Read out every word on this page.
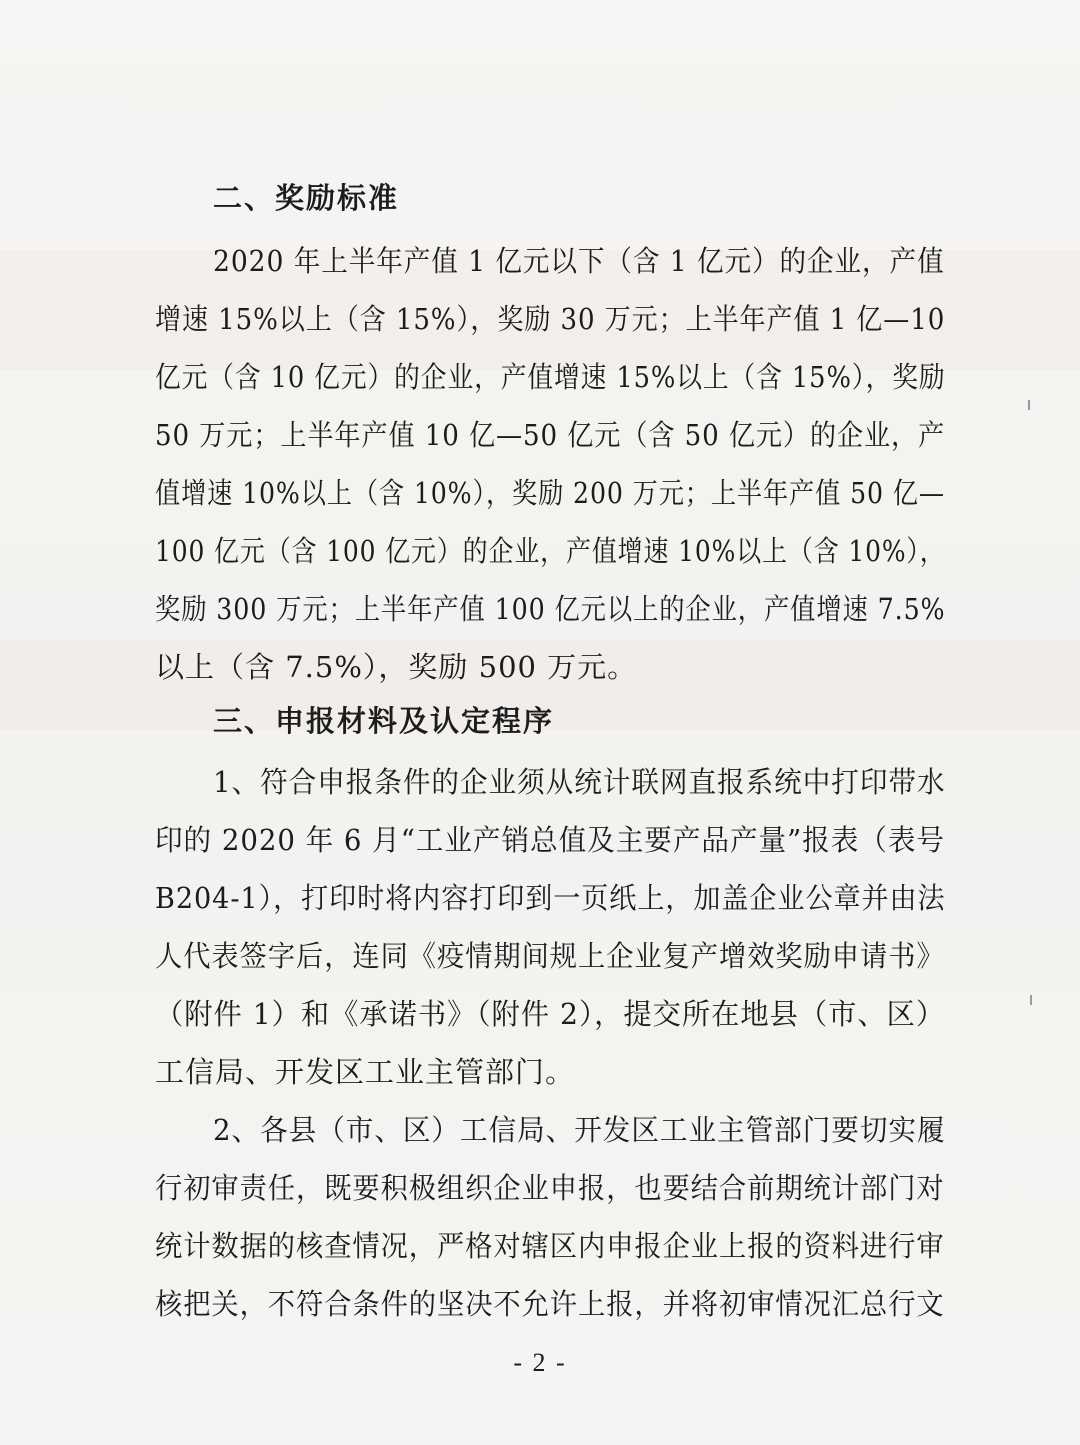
二、奖励标准
2020 年上半年产值 1 亿元以下（含 1 亿元）的企业，产值
增速 15%以上（含 15%），奖励 30 万元；上半年产值 1 亿—10
亿元（含 10 亿元）的企业，产值增速 15%以上（含 15%），奖励
50 万元；上半年产值 10 亿—50 亿元（含 50 亿元）的企业，产
值增速 10%以上（含 10%），奖励 200 万元；上半年产值 50 亿—
100 亿元（含 100 亿元）的企业，产值增速 10%以上（含 10%），
奖励 300 万元；上半年产值 100 亿元以上的企业，产值增速 7.5%
以上（含 7.5%），奖励 500 万元。
三、申报材料及认定程序
1、符合申报条件的企业须从统计联网直报系统中打印带水
印的 2020 年 6 月“工业产销总值及主要产品产量”报表（表号
B204-1），打印时将内容打印到一页纸上，加盖企业公章并由法
人代表签字后，连同《疫情期间规上企业复产增效奖励申请书》
（附件 1）和《承诺书》（附件 2），提交所在地县（市、区）
工信局、开发区工业主管部门。
2、各县（市、区）工信局、开发区工业主管部门要切实履
行初审责任，既要积极组织企业申报，也要结合前期统计部门对
统计数据的核查情况，严格对辖区内申报企业上报的资料进行审
核把关，不符合条件的坚决不允许上报，并将初审情况汇总行文
- 2 -
